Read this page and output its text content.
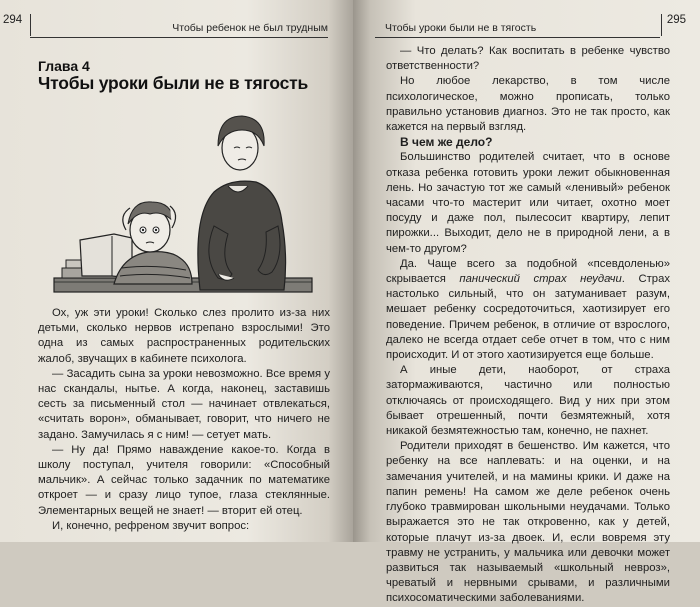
294
Чтобы ребенок не был трудным
Глава 4
Чтобы уроки были не в тягость

Ох, уж эти уроки! Сколько слез пролито из-за них детьми, сколько нервов истрепано взрослыми! Это одна из самых распространенных родительских жалоб, звучащих в кабинете психолога.

— Засадить сына за уроки невозможно. Все время у нас скандалы, нытье. А когда, наконец, заставишь сесть за письменный стол — начинает отвлекаться, «считать ворон», обманывает, говорит, что ничего не задано. Замучилась я с ним! — сетует мать.

— Ну да! Прямо наваждение какое-то. Когда в школу поступал, учителя говорили: «Способный мальчик». А сейчас только задачник по математике откроет — и сразу лицо тупое, глаза стеклянные. Элементарных вещей не знает! — вторит ей отец.

И, конечно, рефреном звучит вопрос:

Чтобы уроки были не в тягость
295

— Что делать? Как воспитать в ребенке чувство ответственности?

Но любое лекарство, в том числе психологическое, можно прописать, только правильно установив диагноз. Это не так просто, как кажется на первый взгляд.

В чем же дело?

Большинство родителей считает, что в основе отказа ребенка готовить уроки лежит обыкновенная лень. Но зачастую тот же самый «ленивый» ребенок часами что-то мастерит или читает, охотно моет посуду и даже пол, пылесосит квартиру, лепит пирожки... Выходит, дело не в природной лени, а в чем-то другом?

Да. Чаще всего за подобной «псевдоленью» скрывается панический страх неудачи. Страх настолько сильный, что он затуманивает разум, мешает ребенку сосредоточиться, хаотизирует его поведение. Причем ребенок, в отличие от взрослого, далеко не всегда отдает себе отчет в том, что с ним происходит. И от этого хаотизируется еще больше.

А иные дети, наоборот, от страха затормаживаются, частично или полностью отключаясь от происходящего. Вид у них при этом бывает отрешенный, почти безмятежный, хотя никакой безмятежностью там, конечно, не пахнет.

Родители приходят в бешенство. Им кажется, что ребенку на все наплевать: и на оценки, и на замечания учителей, и на мамины крики. И даже на папин ремень! На самом же деле ребенок очень глубоко травмирован школьными неудачами. Только выражается это не так откровенно, как у детей, которые плачут из-за двоек. И, если вовремя эту травму не устранить, у мальчика или девочки может развиться так называемый «школьный невроз», чреватый и нервными срывами, и различными психосоматическими заболеваниями.
